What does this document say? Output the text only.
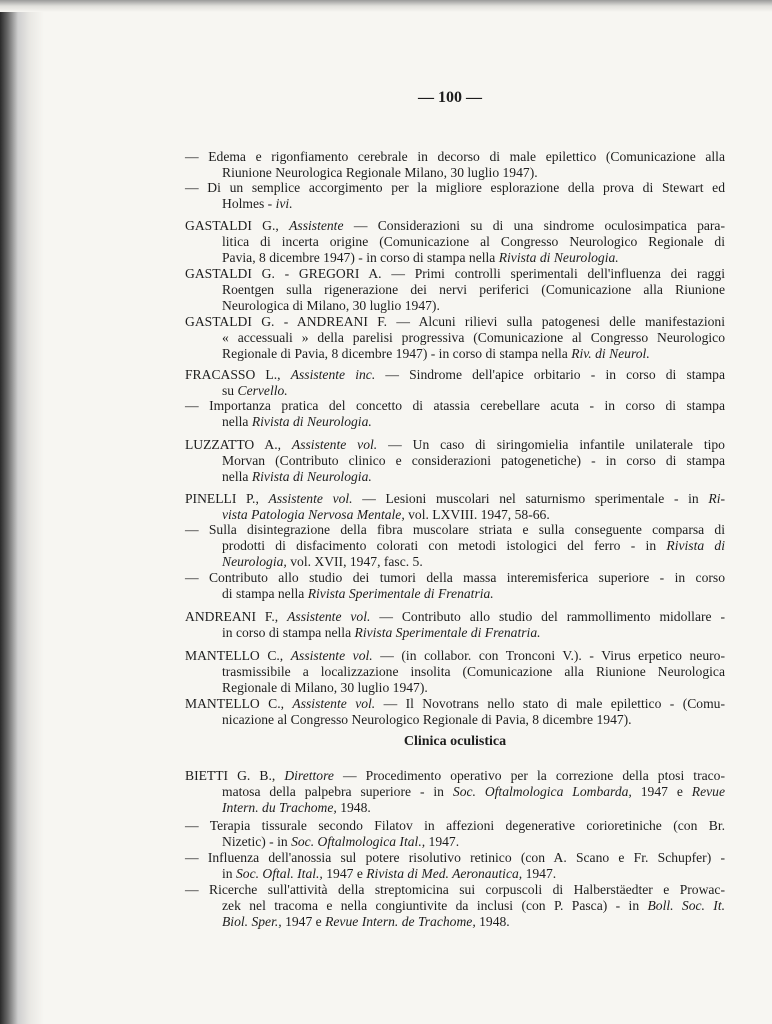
— 100 —
— Edema e rigonfiamento cerebrale in decorso di male epilettico (Comunicazione alla
Riunione Neurologica Regionale Milano, 30 luglio 1947).
— Di un semplice accorgimento per la migliore esplorazione della prova di Stewart ed
Holmes - ivi.
GASTALDI G., Assistente — Considerazioni su di una sindrome oculosimpatica para-
litica di incerta origine (Comunicazione al Congresso Neurologico Regionale di
Pavia, 8 dicembre 1947) - in corso di stampa nella Rivista di Neurologia.
GASTALDI G. - GREGORI A. — Primi controlli sperimentali dell'influenza dei raggi
Roentgen sulla rigenerazione dei nervi periferici (Comunicazione alla Riunione
Neurologica di Milano, 30 luglio 1947).
GASTALDI G. - ANDREANI F. — Alcuni rilievi sulla patogenesi delle manifestazioni
« accessuali » della parelisi progressiva (Comunicazione al Congresso Neurologico
Regionale di Pavia, 8 dicembre 1947) - in corso di stampa nella Riv. di Neurol.
FRACASSO L., Assistente inc. — Sindrome dell'apice orbitario - in corso di stampa
su Cervello.
— Importanza pratica del concetto di atassia cerebellare acuta - in corso di stampa
nella Rivista di Neurologia.
LUZZATTO A., Assistente vol. — Un caso di siringomielia infantile unilaterale tipo
Morvan (Contributo clinico e considerazioni patogenetiche) - in corso di stampa
nella Rivista di Neurologia.
PINELLI P., Assistente vol. — Lesioni muscolari nel saturnismo sperimentale - in Ri-
vista Patologia Nervosa Mentale, vol. LXVIII. 1947, 58-66.
— Sulla disintegrazione della fibra muscolare striata e sulla conseguente comparsa di
prodotti di disfacimento colorati con metodi istologici del ferro - in Rivista di
Neurologia, vol. XVII, 1947, fasc. 5.
— Contributo allo studio dei tumori della massa interemisferica superiore - in corso
di stampa nella Rivista Sperimentale di Frenatria.
ANDREANI F., Assistente vol. — Contributo allo studio del rammollimento midollare -
in corso di stampa nella Rivista Sperimentale di Frenatria.
MANTELLO C., Assistente vol. — (in collabor. con Tronconi V.). - Virus erpetico neuro-
trasmissibile a localizzazione insolita (Comunicazione alla Riunione Neurologica
Regionale di Milano, 30 luglio 1947).
MANTELLO C., Assistente vol. — Il Novotrans nello stato di male epilettico - (Comu-
nicazione al Congresso Neurologico Regionale di Pavia, 8 dicembre 1947).
BIETTI G. B., Direttore — Procedimento operativo per la correzione della ptosi traco-
matosa della palpebra superiore - in Soc. Oftalmologica Lombarda, 1947 e Revue
Intern. du Trachome, 1948.
— Terapia tissurale secondo Filatov in affezioni degenerative corioretiniche (con Br.
Nizetic) - in Soc. Oftalmologica Ital., 1947.
— Influenza dell'anossia sul potere risolutivo retinico (con A. Scano e Fr. Schupfer) -
in Soc. Oftal. Ital., 1947 e Rivista di Med. Aeronautica, 1947.
— Ricerche sull'attività della streptomicina sui corpuscoli di Halberstäedter e Prowac-
zek nel tracoma e nella congiuntivite da inclusi (con P. Pasca) - in Boll. Soc. It.
Biol. Sper., 1947 e Revue Intern. de Trachome, 1948.
Clinica oculistica
